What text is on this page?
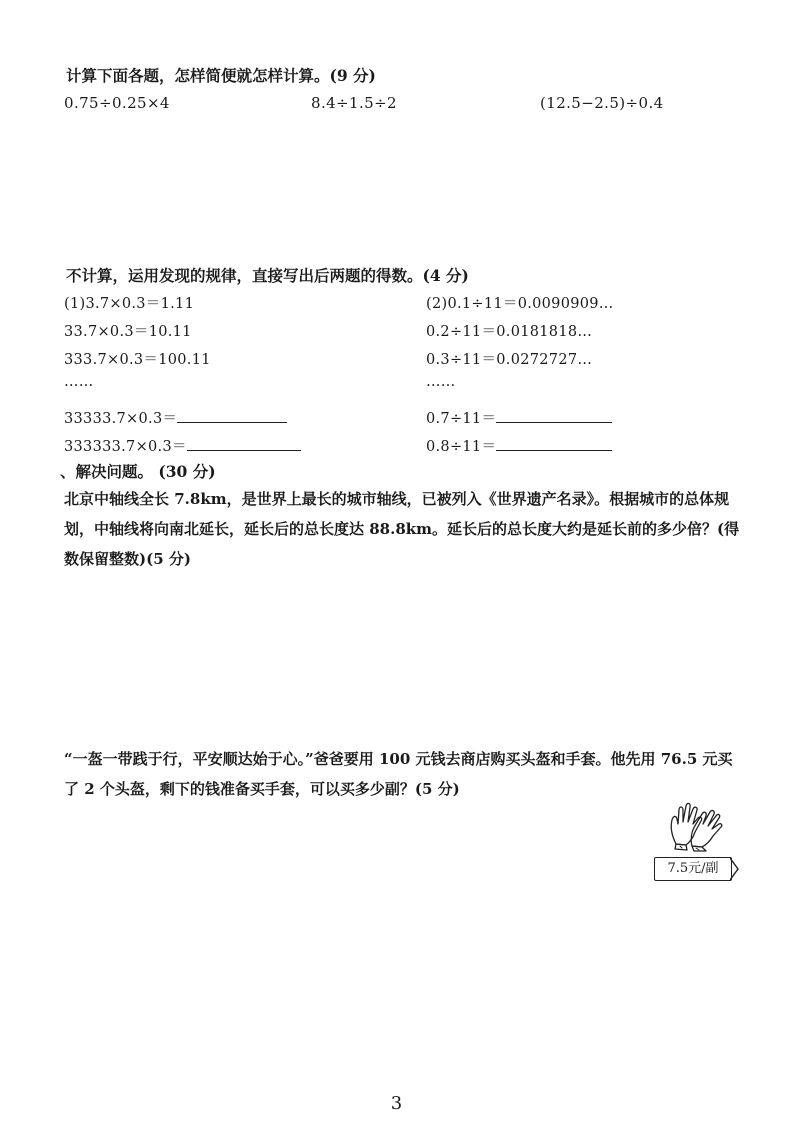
计算下面各题，怎样简便就怎样计算。(9 分)
0.75÷0.25×4	8.4÷1.5÷2	(12.5−2.5)÷0.4
不计算，运用发现的规律，直接写出后两题的得数。(4 分)
(1)3.7×0.3＝1.11
33.7×0.3＝10.11
333.7×0.3＝100.11
……
33333.7×0.3＝
333333.7×0.3＝
(2)0.1÷11＝0.0090909…
0.2÷11＝0.0181818…
0.3÷11＝0.0272727…
……
0.7÷11＝
0.8÷11＝
、解决问题。 (30 分)
北京中轴线全长 7.8km，是世界上最长的城市轴线，已被列入《世界遗产名录》。根据城市的总体规划，中轴线将向南北延长，延长后的总长度达 88.8km。延长后的总长度大约是延长前的多少倍？(得数保留整数)(5 分)
“一盔一带践于行，平安顺达始于心。”爸爸要用 100 元钱去商店购买头盔和手套。他先用 76.5 元买了 2 个头盔，剩下的钱准备买手套，可以买多少副？(5 分)
7.5元/副
3
